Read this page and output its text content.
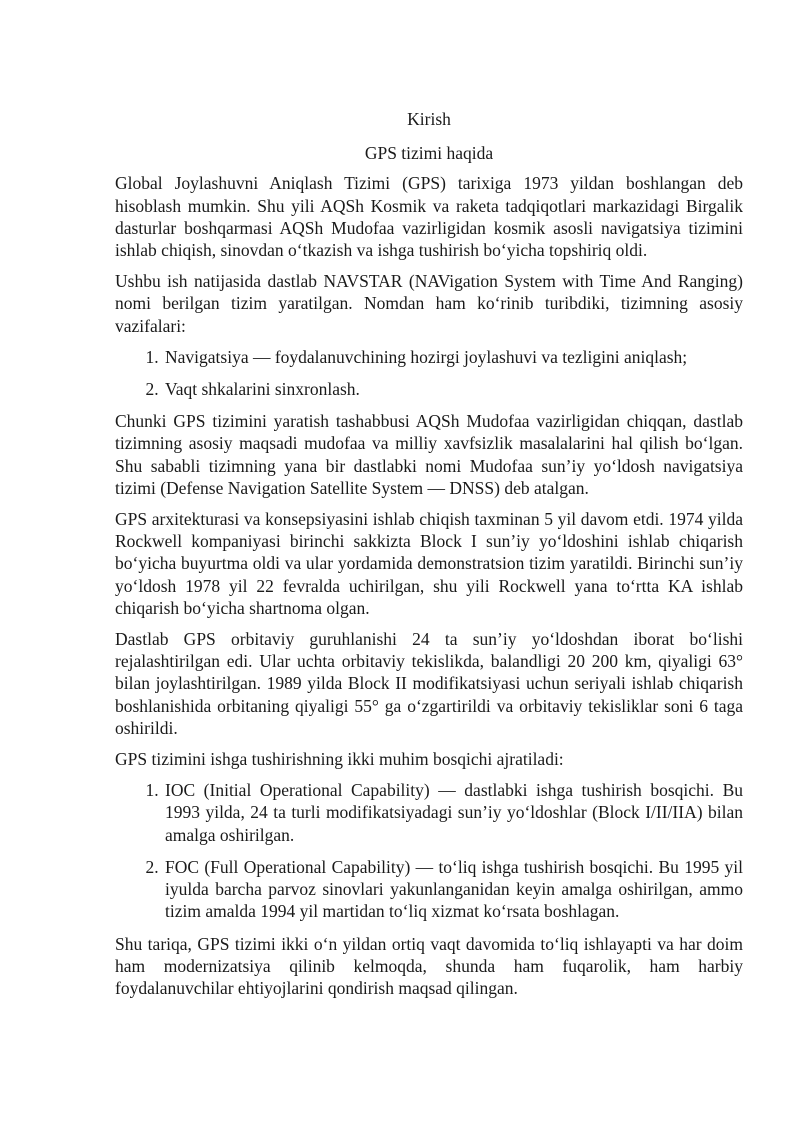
Kirish
GPS tizimi haqida

Global Joylashuvni Aniqlash Tizimi (GPS) tarixiga 1973 yildan boshlangan deb hisoblash mumkin. Shu yili AQSh Kosmik va raketa tadqiqotlari markazidagi Birgalik dasturlar boshqarmasi AQSh Mudofaa vazirligidan kosmik asosli navigatsiya tizimini ishlab chiqish, sinovdan o‘tkazish va ishga tushirish bo‘yicha topshiriq oldi.

Ushbu ish natijasida dastlab NAVSTAR (NAVigation System with Time And Ranging) nomi berilgan tizim yaratilgan. Nomdan ham ko‘rinib turibdiki, tizimning asosiy vazifalari:

1. Navigatsiya — foydalanuvchining hozirgi joylashuvi va tezligini aniqlash;
2. Vaqt shkalarini sinxronlash.

Chunki GPS tizimini yaratish tashabbusi AQSh Mudofaa vazirligidan chiqqan, dastlab tizimning asosiy maqsadi mudofaa va milliy xavfsizlik masalalarini hal qilish bo‘lgan. Shu sababli tizimning yana bir dastlabki nomi Mudofaa sun’iy yo‘ldosh navigatsiya tizimi (Defense Navigation Satellite System — DNSS) deb atalgan.

GPS arxitekturasi va konsepsiyasini ishlab chiqish taxminan 5 yil davom etdi. 1974 yilda Rockwell kompaniyasi birinchi sakkizta Block I sun’iy yo‘ldoshini ishlab chiqarish bo‘yicha buyurtma oldi va ular yordamida demonstratsion tizim yaratildi. Birinchi sun’iy yo‘ldosh 1978 yil 22 fevralda uchirilgan, shu yili Rockwell yana to‘rtta KA ishlab chiqarish bo‘yicha shartnoma olgan.

Dastlab GPS orbitaviy guruhlanishi 24 ta sun’iy yo‘ldoshdan iborat bo‘lishi rejalashtirilgan edi. Ular uchta orbitaviy tekislikda, balandligi 20 200 km, qiyaligi 63° bilan joylashtirilgan. 1989 yilda Block II modifikatsiyasi uchun seriyali ishlab chiqarish boshlanishida orbitaning qiyaligi 55° ga o‘zgartirildi va orbitaviy tekisliklar soni 6 taga oshirildi.

GPS tizimini ishga tushirishning ikki muhim bosqichi ajratiladi:

1. IOC (Initial Operational Capability) — dastlabki ishga tushirish bosqichi. Bu 1993 yilda, 24 ta turli modifikatsiyadagi sun’iy yo‘ldoshlar (Block I/II/IIA) bilan amalga oshirilgan.
2. FOC (Full Operational Capability) — to‘liq ishga tushirish bosqichi. Bu 1995 yil iyulda barcha parvoz sinovlari yakunlanganidan keyin amalga oshirilgan, ammo tizim amalda 1994 yil martidan to‘liq xizmat ko‘rsata boshlagan.

Shu tariqa, GPS tizimi ikki o‘n yildan ortiq vaqt davomida to‘liq ishlayapti va har doim ham modernizatsiya qilinib kelmoqda, shunda ham fuqarolik, ham harbiy foydalanuvchilar ehtiyojlarini qondirish maqsad qilingan.
